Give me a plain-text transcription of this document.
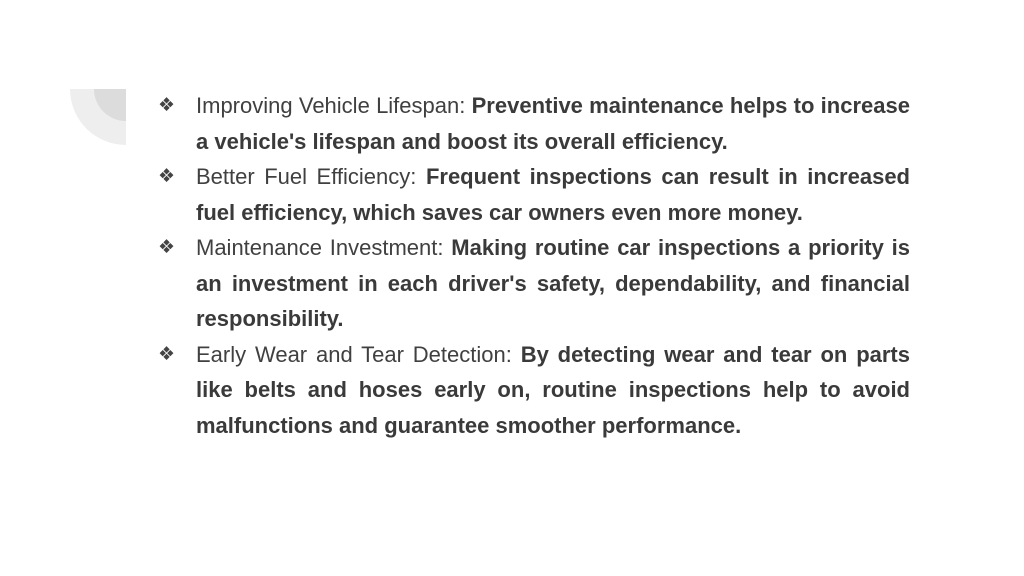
❖ Improving Vehicle Lifespan: Preventive maintenance helps to increase a vehicle's lifespan and boost its overall efficiency.
❖ Better Fuel Efficiency: Frequent inspections can result in increased fuel efficiency, which saves car owners even more money.
❖ Maintenance Investment: Making routine car inspections a priority is an investment in each driver's safety, dependability, and financial responsibility.
❖ Early Wear and Tear Detection: By detecting wear and tear on parts like belts and hoses early on, routine inspections help to avoid malfunctions and guarantee smoother performance.
